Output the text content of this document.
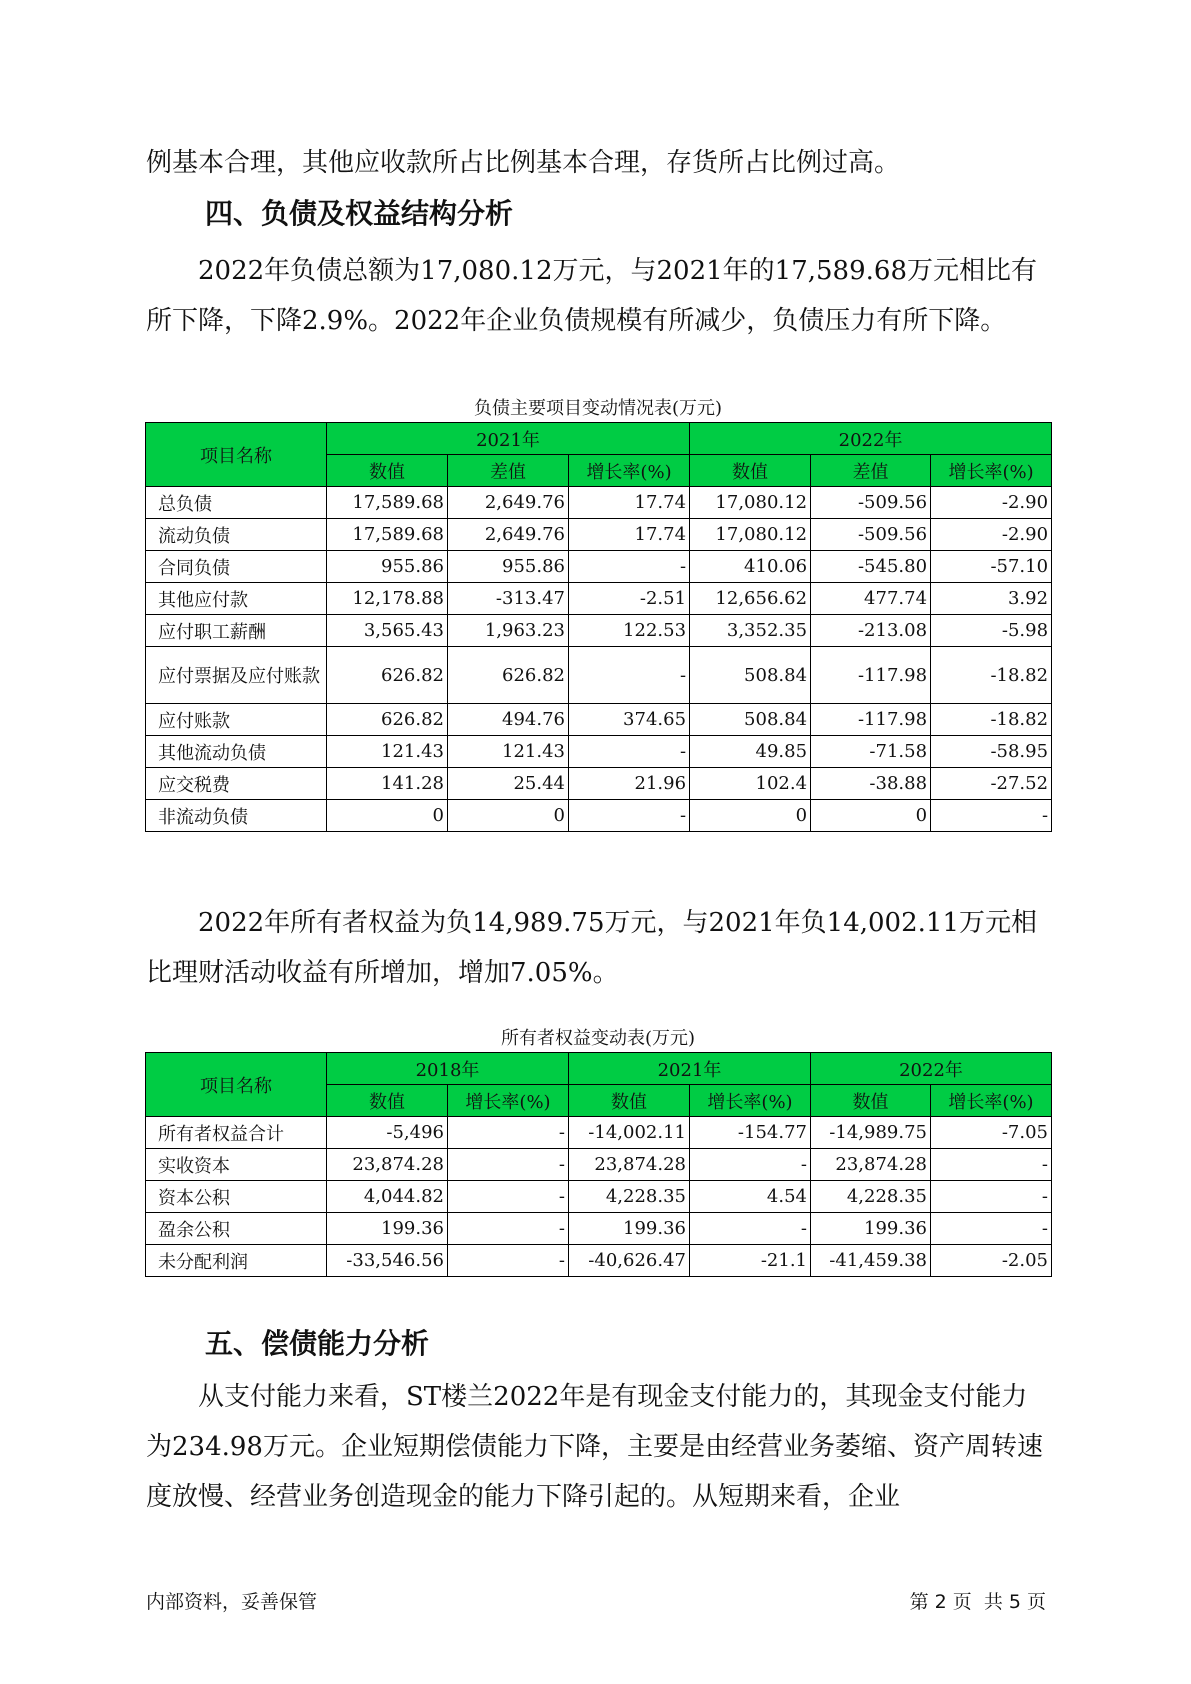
例基本合理，其他应收款所占比例基本合理，存货所占比例过高。

四、负债及权益结构分析

2022年负债总额为17,080.12万元，与2021年的17,589.68万元相比有所下降，下降2.9%。2022年企业负债规模有所减少，负债压力有所下降。

负债主要项目变动情况表(万元)

项目名称	2021年			2022年		
	数值	差值	增长率(%)	数值	差值	增长率(%)
总负债	17,589.68	2,649.76	17.74	17,080.12	-509.56	-2.90
流动负债	17,589.68	2,649.76	17.74	17,080.12	-509.56	-2.90
合同负债	955.86	955.86	-	410.06	-545.80	-57.10
其他应付款	12,178.88	-313.47	-2.51	12,656.62	477.74	3.92
应付职工薪酬	3,565.43	1,963.23	122.53	3,352.35	-213.08	-5.98
应付票据及应付账款	626.82	626.82	-	508.84	-117.98	-18.82
应付账款	626.82	494.76	374.65	508.84	-117.98	-18.82
其他流动负债	121.43	121.43	-	49.85	-71.58	-58.95
应交税费	141.28	25.44	21.96	102.4	-38.88	-27.52
非流动负债	0	0	-	0	0	-

2022年所有者权益为负14,989.75万元，与2021年负14,002.11万元相比理财活动收益有所增加，增加7.05%。

所有者权益变动表(万元)

项目名称	2018年		2021年		2022年	
	数值	增长率(%)	数值	增长率(%)	数值	增长率(%)
所有者权益合计	-5,496	-	-14,002.11	-154.77	-14,989.75	-7.05
实收资本	23,874.28	-	23,874.28	-	23,874.28	-
资本公积	4,044.82	-	4,228.35	4.54	4,228.35	-
盈余公积	199.36	-	199.36	-	199.36	-
未分配利润	-33,546.56	-	-40,626.47	-21.1	-41,459.38	-2.05
五、偿债能力分析

从支付能力来看，ST楼兰2022年是有现金支付能力的，其现金支付能力为234.98万元。企业短期偿债能力下降，主要是由经营业务萎缩、资产周转速度放慢、经营业务创造现金的能力下降引起的。从短期来看，企业

内部资料，妥善保管	第 2 页  共 5 页
